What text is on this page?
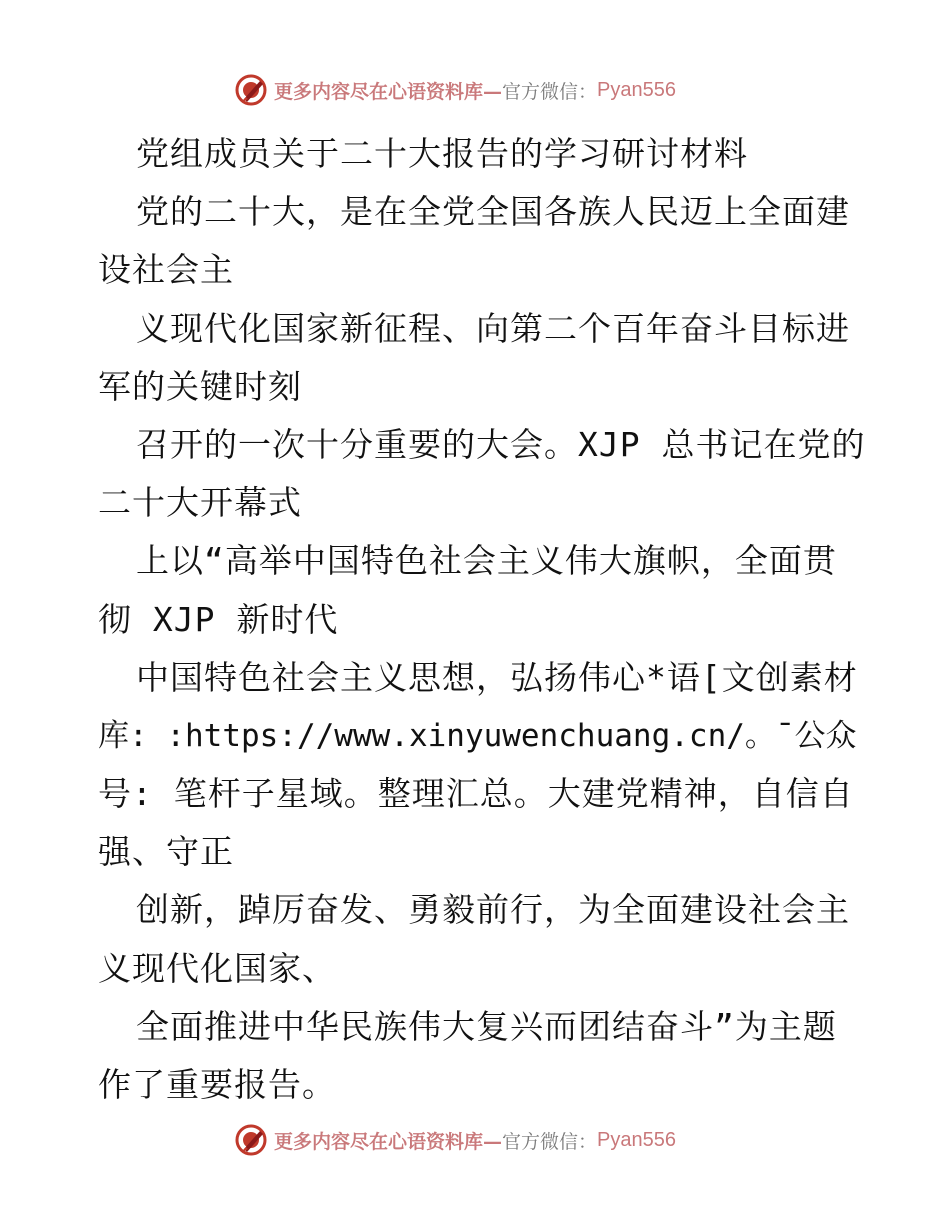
更多内容尽在心语资料库— 官方微信： Pyan556
党组成员关于二十大报告的学习研讨材料
党的二十大，是在全党全国各族人民迈上全面建
设社会主
义现代化国家新征程、向第二个百年奋斗目标进
军的关键时刻
召开的一次十分重要的大会。XJP 总书记在党的
二十大开幕式
上以“高举中国特色社会主义伟大旗帜，全面贯
彻 XJP 新时代
中国特色社会主义思想，弘扬伟心*语[文创素材
库: :https://www.xinyuwenchuang.cn/。¯公众
号: 笔杆子星域。整理汇总。大建党精神，自信自
强、守正
创新，踔厉奋发、勇毅前行，为全面建设社会主
义现代化国家、
全面推进中华民族伟大复兴而团结奋斗”为主题
作了重要报告。
更多内容尽在心语资料库— 官方微信： Pyan556
